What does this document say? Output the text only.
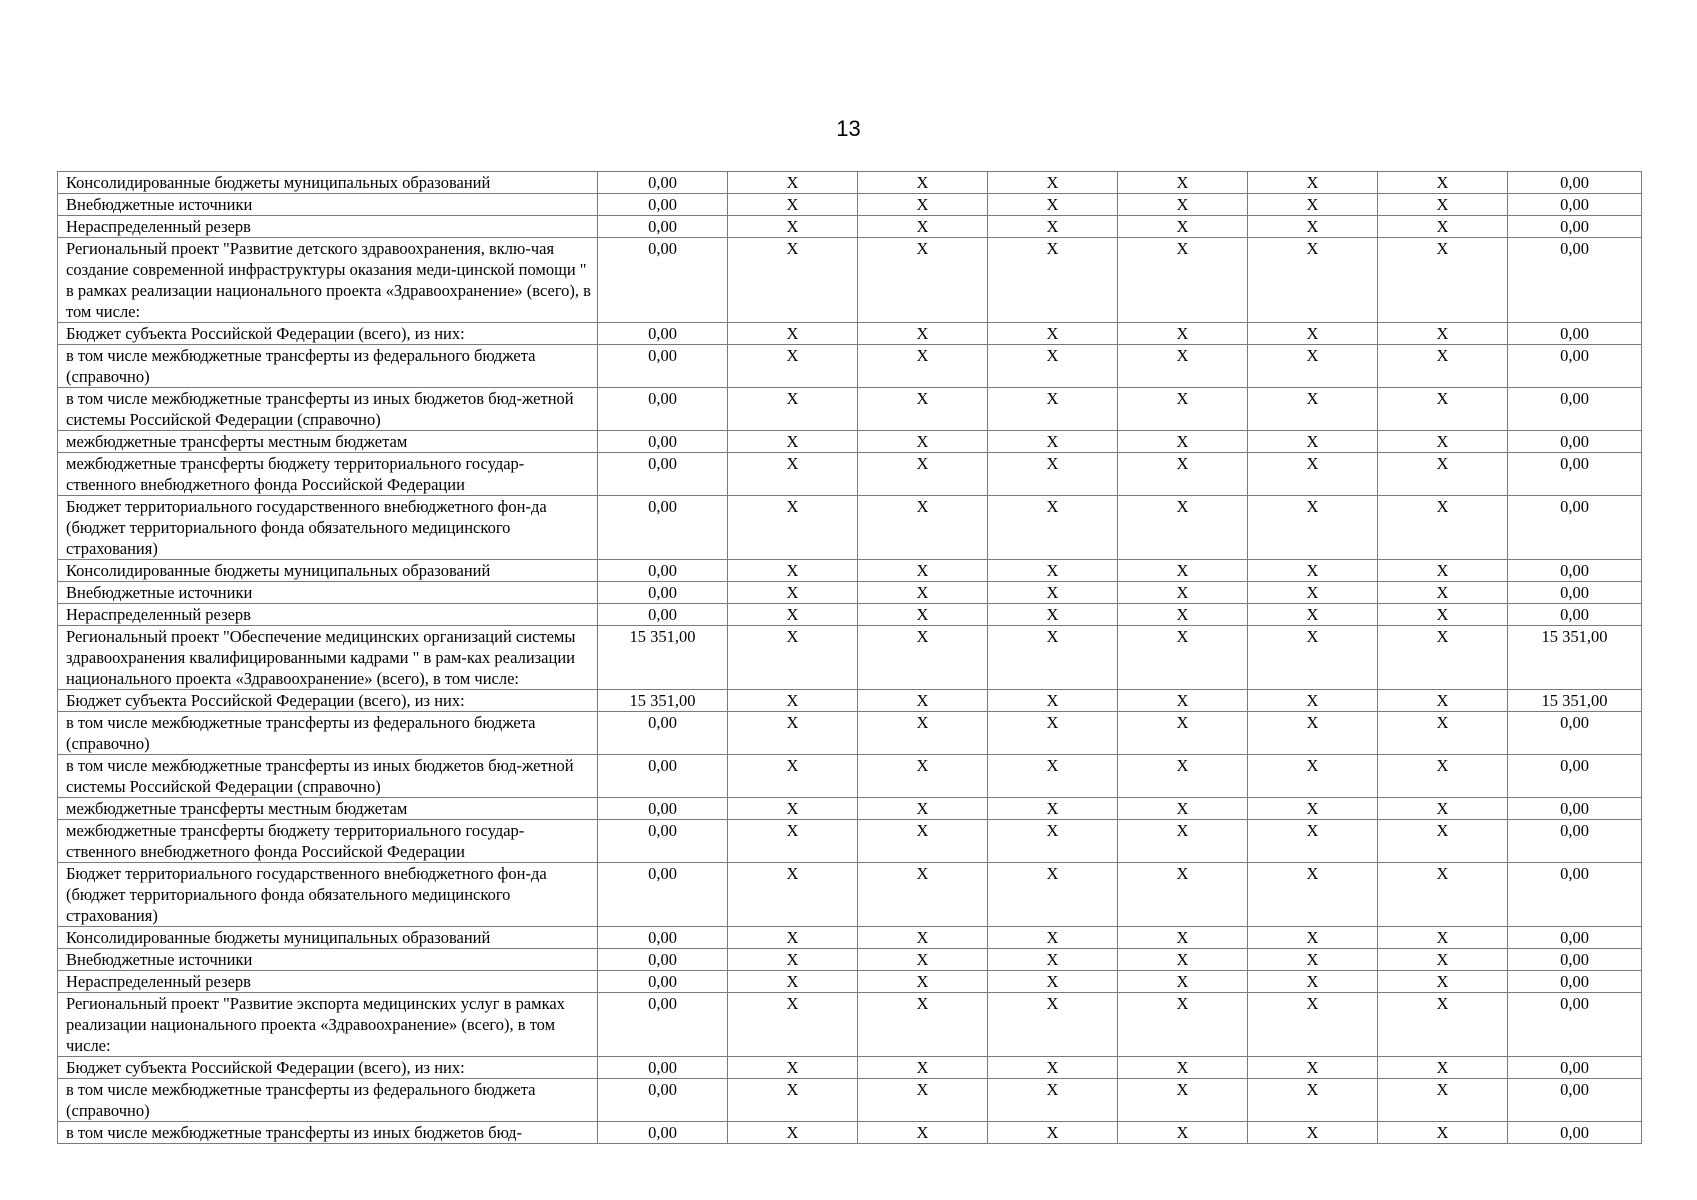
13
Консолидированные бюджеты муниципальных образований	0,00	Х	Х	Х	Х	Х	Х	0,00
Внебюджетные источники	0,00	Х	Х	Х	Х	Х	Х	0,00
Нераспределенный резерв	0,00	Х	Х	Х	Х	Х	Х	0,00
Региональный проект "Развитие детского здравоохранения, вклю-чая создание современной инфраструктуры оказания меди-цинской помощи " в рамках реализации национального проекта «Здравоохранение» (всего), в том числе:	0,00	Х	Х	Х	Х	Х	Х	0,00
Бюджет субъекта Российской Федерации (всего), из них:	0,00	Х	Х	Х	Х	Х	Х	0,00
в том числе межбюджетные трансферты из федерального бюджета (справочно)	0,00	Х	Х	Х	Х	Х	Х	0,00
в том числе межбюджетные трансферты из иных бюджетов бюд-жетной системы Российской Федерации (справочно)	0,00	Х	Х	Х	Х	Х	Х	0,00
межбюджетные трансферты местным бюджетам	0,00	Х	Х	Х	Х	Х	Х	0,00
межбюджетные трансферты бюджету территориального государ-ственного внебюджетного фонда Российской Федерации	0,00	Х	Х	Х	Х	Х	Х	0,00
Бюджет территориального государственного внебюджетного фон-да (бюджет территориального фонда обязательного медицинского страхования)	0,00	Х	Х	Х	Х	Х	Х	0,00
Консолидированные бюджеты муниципальных образований	0,00	Х	Х	Х	Х	Х	Х	0,00
Внебюджетные источники	0,00	Х	Х	Х	Х	Х	Х	0,00
Нераспределенный резерв	0,00	Х	Х	Х	Х	Х	Х	0,00
Региональный проект "Обеспечение медицинских организаций системы здравоохранения квалифицированными кадрами " в рам-ках реализации национального проекта «Здравоохранение» (всего), в том числе:	15 351,00	Х	Х	Х	Х	Х	Х	15 351,00
Бюджет субъекта Российской Федерации (всего), из них:	15 351,00	Х	Х	Х	Х	Х	Х	15 351,00
в том числе межбюджетные трансферты из федерального бюджета (справочно)	0,00	Х	Х	Х	Х	Х	Х	0,00
в том числе межбюджетные трансферты из иных бюджетов бюд-жетной системы Российской Федерации (справочно)	0,00	Х	Х	Х	Х	Х	Х	0,00
межбюджетные трансферты местным бюджетам	0,00	Х	Х	Х	Х	Х	Х	0,00
межбюджетные трансферты бюджету территориального государ-ственного внебюджетного фонда Российской Федерации	0,00	Х	Х	Х	Х	Х	Х	0,00
Бюджет территориального государственного внебюджетного фон-да (бюджет территориального фонда обязательного медицинского страхования)	0,00	Х	Х	Х	Х	Х	Х	0,00
Консолидированные бюджеты муниципальных образований	0,00	Х	Х	Х	Х	Х	Х	0,00
Внебюджетные источники	0,00	Х	Х	Х	Х	Х	Х	0,00
Нераспределенный резерв	0,00	Х	Х	Х	Х	Х	Х	0,00
Региональный проект "Развитие экспорта медицинских услуг в рамках реализации национального проекта «Здравоохранение» (всего), в том числе:	0,00	Х	Х	Х	Х	Х	Х	0,00
Бюджет субъекта Российской Федерации (всего), из них:	0,00	Х	Х	Х	Х	Х	Х	0,00
в том числе межбюджетные трансферты из федерального бюджета (справочно)	0,00	Х	Х	Х	Х	Х	Х	0,00
в том числе межбюджетные трансферты из иных бюджетов бюд-	0,00	Х	Х	Х	Х	Х	Х	0,00
